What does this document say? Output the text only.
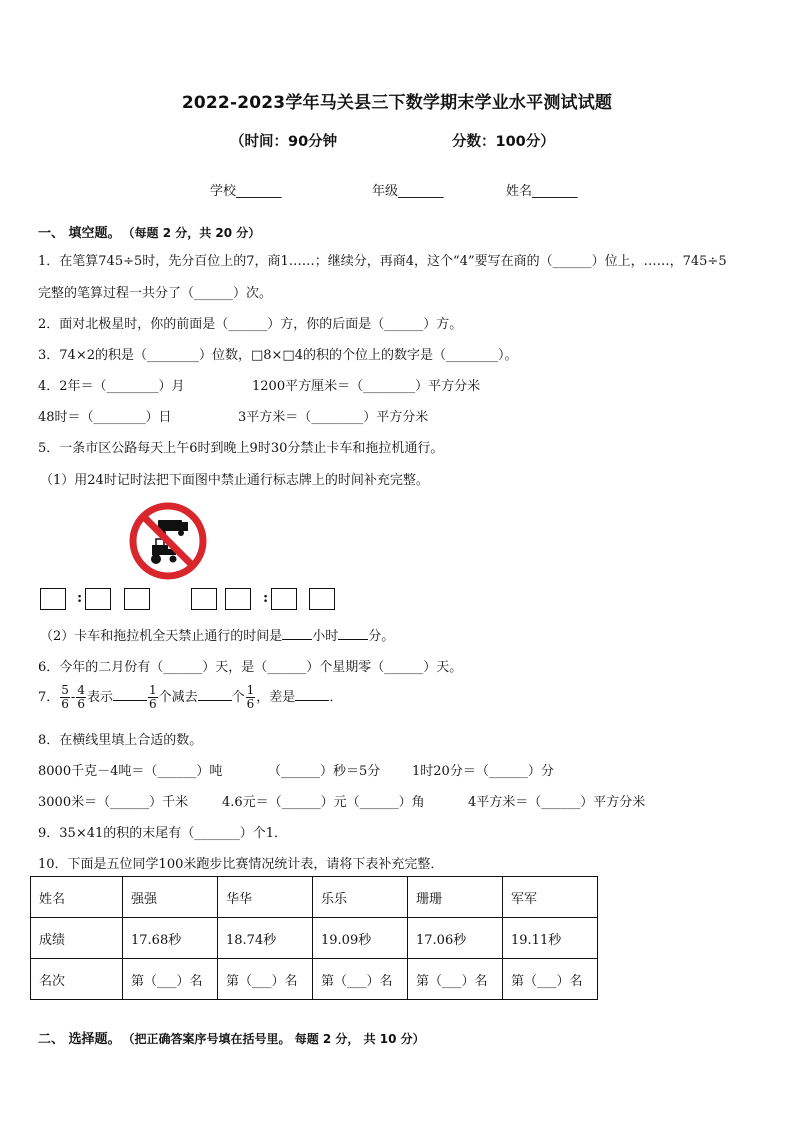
2022-2023学年马关县三下数学期末学业水平测试试题
（时间：90分钟	分数：100分）
学校_______	年级_______	姓名_______
一、 填空题。 （每题 2 分，共 20 分）
1．在笔算745÷5时，先分百位上的7，商1……；继续分，再商4，这个“4”要写在商的（______）位上，……，745÷5
完整的笔算过程一共分了（______）次。
2．面对北极星时，你的前面是（______）方，你的后面是（______）方。
3．74×2的积是（________）位数，□8×□4的积的个位上的数字是（________）。
4．2年＝（________）月	1200平方厘米＝（________）平方分米
48时＝（________）日	3平方米＝（________）平方分米
5．一条市区公路每天上午6时到晚上9时30分禁止卡车和拖拉机通行。
（1）用24时记时法把下面图中禁止通行标志牌上的时间补充完整。
:	:
（2）卡车和拖拉机全天禁止通行的时间是 小时 分。
6．今年的二月份有（______）天，是（______）个星期零（______）天。
7． $\frac{5}{6} - \frac{4}{6}$ 表示	$\frac{1}{6}$ 个减去	个 $\frac{1}{6}$ ，差是	．
8．在横线里填上合适的数。
8000千克－4吨＝（______）吨	（______）秒＝5分 1时20分＝（______）分
3000米＝（______）千米	4.6元＝（______）元（______）角	4平方米＝（______）平方分米
9．35×41的积的末尾有（_______）个1．
10．下面是五位同学100米跑步比赛情况统计表，请将下表补充完整．
姓名	强强	华华	乐乐	珊珊	军军
成绩	17.68秒	18.74秒	19.09秒	17.06秒	19.11秒
名次	第（___）名	第（___）名	第（___）名	第（___）名	第（___）名
二、 选择题。 （把正确答案序号填在括号里。 每题 2 分， 共 10 分）
